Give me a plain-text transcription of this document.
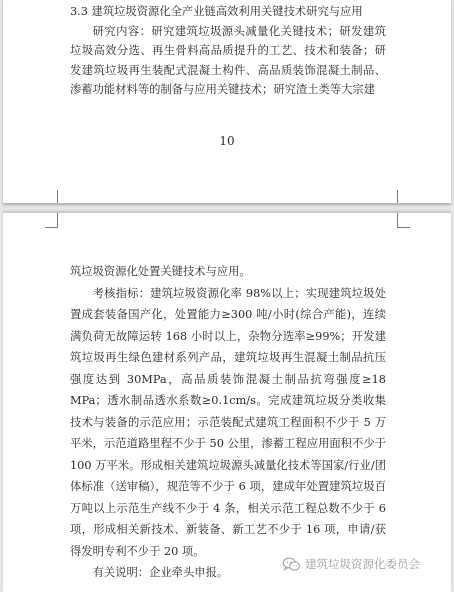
3.3 建筑垃圾资源化全产业链高效利用关键技术研究与应用

研究内容：研究建筑垃圾源头减量化关键技术；研发建筑垃圾高效分选、再生骨料高品质提升的工艺、技术和装备；研发建筑垃圾再生装配式混凝土构件、高品质装饰混凝土制品、渗蓄功能材料等的制备与应用关键技术；研究渣土类等大宗建

10

筑垃圾资源化处置关键技术与应用。

考核指标：建筑垃圾资源化率 98%以上；实现建筑垃圾处置成套装备国产化，处置能力≥300 吨/小时(综合产能)，连续满负荷无故障运转 168 小时以上，杂物分选率≥99%；开发建筑垃圾再生绿色建材系列产品，建筑垃圾再生混凝土制品抗压强度达到 30MPa，高品质装饰混凝土制品抗弯强度≥18 MPa；透水制品透水系数≥0.1cm/s。完成建筑垃圾分类收集技术与装备的示范应用；示范装配式建筑工程面积不少于 5 万平米，示范道路里程不少于 50 公里，渗蓄工程应用面积不少于 100 万平米。形成相关建筑垃圾源头减量化技术等国家/行业/团体标准（送审稿），规范等不少于 6 项，建成年处置建筑垃圾百万吨以上示范生产线不少于 4 条，相关示范工程总数不少于 6 项，形成相关新技术、新装备、新工艺不少于 16 项，申请/获得发明专利不少于 20 项。

有关说明：企业牵头申报。

建筑垃圾资源化委员会
